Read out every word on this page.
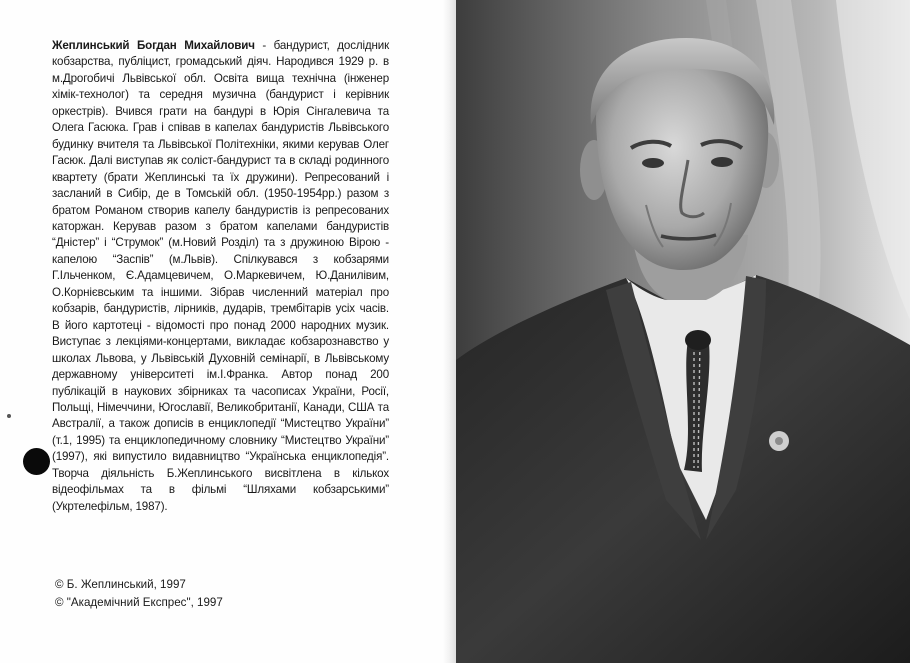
Жеплинський Богдан Михайлович - бандурист, дослідник кобзарства, публіцист, громадський діяч. Народився 1929 р. в м.Дрогобичі Львівської обл. Освіта вища технічна (інженер хімік-технолог) та середня музична (бандурист і керівник оркестрів). Вчився грати на бандурі в Юрія Сінгалевича та Олега Гасюка. Грав і співав в капелах бандуристів Львівського будинку вчителя та Львівської Політехніки, якими керував Олег Гасюк. Далі виступав як соліст-бандурист та в складі родинного квартету (брати Жеплинські та їх дружини). Репресований і засланий в Сибір, де в Томській обл. (1950-1954рр.) разом з братом Романом створив капелу бандуристів із репресованих каторжан. Керував разом з братом капелами бандуристів “Дністер” і “Струмок” (м.Новий Розділ) та з дружиною Вірою - капелою “Заспів” (м.Львів). Спілкувався з кобзарями Г.Ільченком, Є.Адамцевичем, О.Маркевичем, Ю.Данилівим, О.Корнієвським та іншими. Зібрав численний матеріал про кобзарів, бандуристів, лірників, дударів, трембітарів усіх часів. В його картотеці - відомості про понад 2000 народних музик. Виступає з лекціями-концертами, викладає кобзарознавство у школах Львова, у Львівській Духовній семінарії, в Львівському державному університеті ім.І.Франка. Автор понад 200 публікацій в наукових збірниках та часописах України, Росії, Польщі, Німеччини, Югославії, Великобританії, Канади, США та Австралії, а також дописів в енциклопедії “Мистецтво України” (т.1, 1995) та енциклопедичному словнику “Мистецтво України” (1997), які випустило видавництво “Українська енциклопедія”. Творча діяльність Б.Жеплинського висвітлена в кількох відеофільмах та в фільмі “Шляхами кобзарськими” (Укртелефільм, 1987).
© Б. Жеплинський, 1997
© "Академічний Експрес", 1997
